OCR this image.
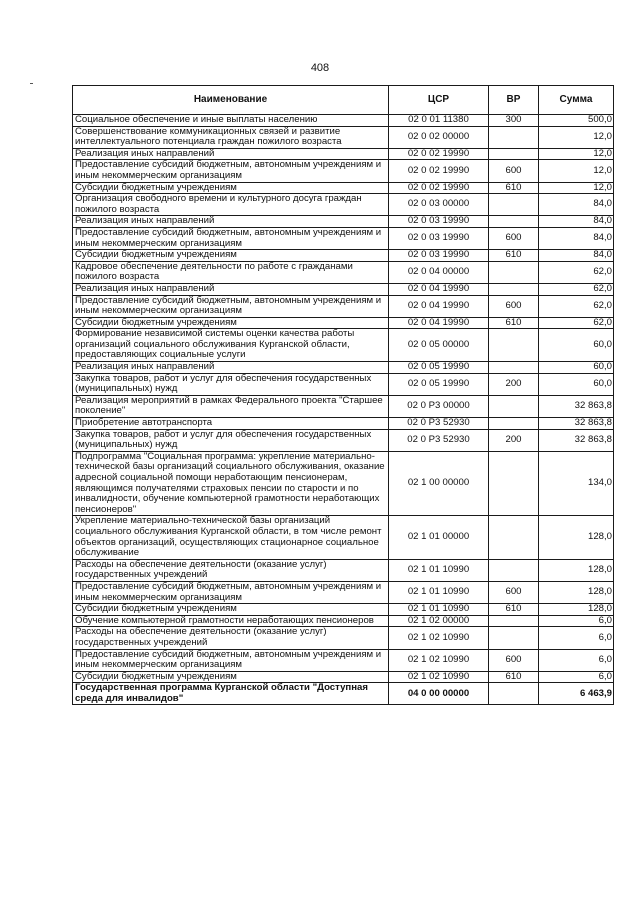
408
Наименование	ЦСР	ВР	Сумма
Социальное обеспечение и иные выплаты населению	02 0 01 11380	300	500,0
Совершенствование коммуникационных связей и развитие интеллектуального потенциала граждан пожилого возраста	02 0 02 00000		12,0
Реализация иных направлений	02 0 02 19990		12,0
Предоставление субсидий бюджетным, автономным учреждениям и иным некоммерческим организациям	02 0 02 19990	600	12,0
Субсидии бюджетным учреждениям	02 0 02 19990	610	12,0
Организация свободного времени и культурного досуга граждан пожилого возраста	02 0 03 00000		84,0
Реализация иных направлений	02 0 03 19990		84,0
Предоставление субсидий бюджетным, автономным учреждениям и иным некоммерческим организациям	02 0 03 19990	600	84,0
Субсидии бюджетным учреждениям	02 0 03 19990	610	84,0
Кадровое обеспечение деятельности по работе с гражданами пожилого возраста	02 0 04 00000		62,0
Реализация иных направлений	02 0 04 19990		62,0
Предоставление субсидий бюджетным, автономным учреждениям и иным некоммерческим организациям	02 0 04 19990	600	62,0
Субсидии бюджетным учреждениям	02 0 04 19990	610	62,0
Формирование независимой системы оценки качества работы организаций социального обслуживания Курганской области, предоставляющих социальные услуги	02 0 05 00000		60,0
Реализация иных направлений	02 0 05 19990		60,0
Закупка товаров, работ и услуг для обеспечения государственных (муниципальных) нужд	02 0 05 19990	200	60,0
Реализация мероприятий в рамках Федерального проекта "Старшее поколение"	02 0 P3 00000		32 863,8
Приобретение автотранспорта	02 0 P3 52930		32 863,8
Закупка товаров, работ и услуг для обеспечения государственных (муниципальных) нужд	02 0 P3 52930	200	32 863,8
Подпрограмма "Социальная программа: укрепление материально-технической базы организаций социального обслуживания, оказание адресной социальной помощи неработающим пенсионерам, являющимся получателями страховых пенсии по старости и по инвалидности, обучение компьютерной грамотности неработающих пенсионеров"	02 1 00 00000		134,0
Укрепление материально-технической базы организаций социального обслуживания Курганской области, в том числе ремонт объектов организаций, осуществляющих стационарное социальное обслуживание	02 1 01 00000		128,0
Расходы на обеспечение деятельности (оказание услуг) государственных учреждений	02 1 01 10990		128,0
Предоставление субсидий бюджетным, автономным учреждениям и иным некоммерческим организациям	02 1 01 10990	600	128,0
Субсидии бюджетным учреждениям	02 1 01 10990	610	128,0
Обучение компьютерной грамотности неработающих пенсионеров	02 1 02 00000		6,0
Расходы на обеспечение деятельности (оказание услуг) государственных учреждений	02 1 02 10990		6,0
Предоставление субсидий бюджетным, автономным учреждениям и иным некоммерческим организациям	02 1 02 10990	600	6,0
Субсидии бюджетным учреждениям	02 1 02 10990	610	6,0
Государственная программа Курганской области "Доступная среда для инвалидов"	04 0 00 00000		6 463,9
